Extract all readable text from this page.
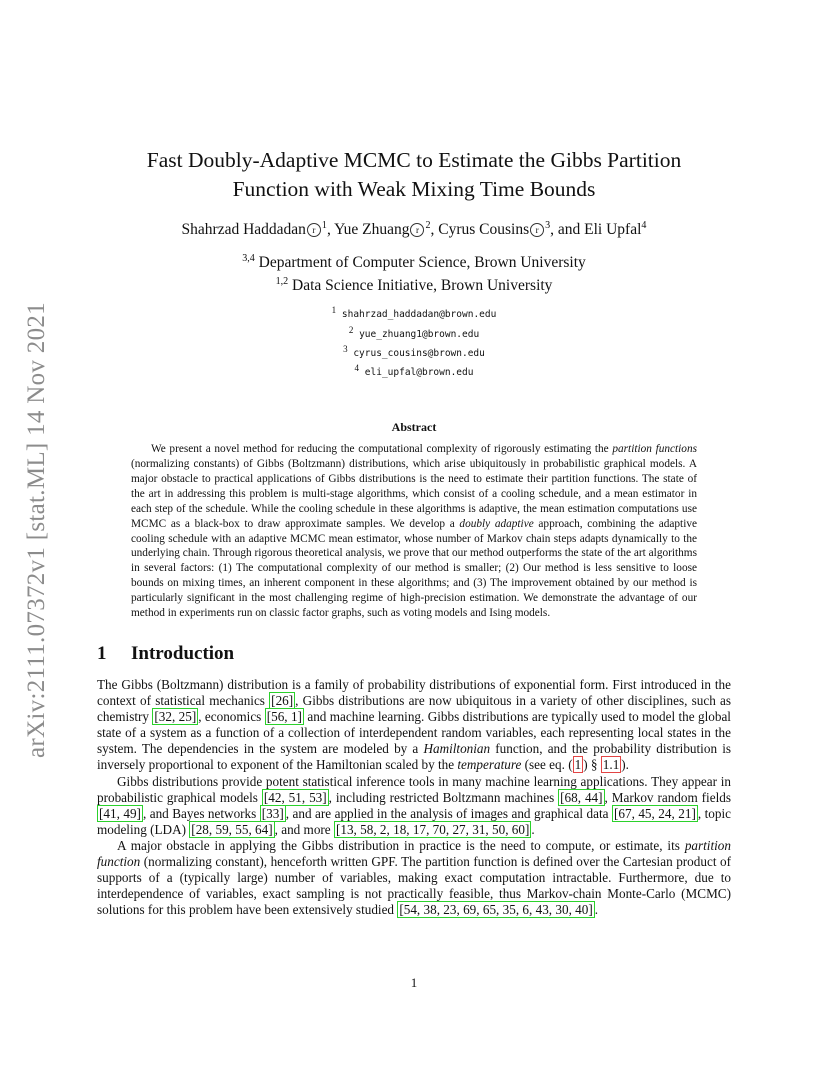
arXiv:2111.07372v1 [stat.ML] 14 Nov 2021
Fast Doubly-Adaptive MCMC to Estimate the Gibbs Partition
Function with Weak Mixing Time Bounds
Shahrzad Haddadan r $^1$, Yue Zhuang r $^2$, Cyrus Cousins r $^3$, and Eli Upfal$^4$
$^{3,4}$ Department of Computer Science, Brown University
$^{1,2}$ Data Science Initiative, Brown University
$^1$ shahrzad_haddadan@brown.edu
$^2$ yue_zhuang1@brown.edu
$^3$ cyrus_cousins@brown.edu
$^4$ eli_upfal@brown.edu
Abstract
We present a novel method for reducing the computational complexity of rigorously estimating the partition functions (normalizing constants) of Gibbs (Boltzmann) distributions, which arise ubiquitously in probabilistic graphical models. A major obstacle to practical applications of Gibbs distributions is the need to estimate their partition functions. The state of the art in addressing this problem is multi-stage algorithms, which consist of a cooling schedule, and a mean estimator in each step of the schedule. While the cooling schedule in these algorithms is adaptive, the mean estimation computations use MCMC as a black-box to draw approximate samples. We develop a doubly adaptive approach, combining the adaptive cooling schedule with an adaptive MCMC mean estimator, whose number of Markov chain steps adapts dynamically to the underlying chain. Through rigorous theoretical analysis, we prove that our method outperforms the state of the art algorithms in several factors: (1) The computational complexity of our method is smaller; (2) Our method is less sensitive to loose bounds on mixing times, an inherent component in these algorithms; and (3) The improvement obtained by our method is particularly significant in the most challenging regime of high-precision estimation. We demonstrate the advantage of our method in experiments run on classic factor graphs, such as voting models and Ising models.
1 Introduction

The Gibbs (Boltzmann) distribution is a family of probability distributions of exponential form. First introduced in the context of statistical mechanics [26] , Gibbs distributions are now ubiquitous in a variety of other disciplines, such as chemistry [32, 25] , economics [56, 1] and machine learning. Gibbs distributions are typically used to model the global state of a system as a function of a collection of interdependent random variables, each representing local states in the system. The dependencies in the system are modeled by a Hamiltonian function, and the probability distribution is inversely proportional to exponent of the Hamiltonian scaled by the temperature (see eq. ( 1 ) § 1.1 ).

Gibbs distributions provide potent statistical inference tools in many machine learning applications. They appear in probabilistic graphical models [42, 51, 53] , including restricted Boltzmann machines [68, 44] , Markov random fields [41, 49] , and Bayes networks [33] , and are applied in the analysis of images and graphical data [67, 45, 24, 21] , topic modeling (LDA) [28, 59, 55, 64] , and more [13, 58, 2, 18, 17, 70, 27, 31, 50, 60] .

A major obstacle in applying the Gibbs distribution in practice is the need to compute, or estimate, its partition function (normalizing constant), henceforth written GPF. The partition function is defined over the Cartesian product of supports of a (typically large) number of variables, making exact computation intractable. Furthermore, due to interdependence of variables, exact sampling is not practically feasible, thus Markov-chain Monte-Carlo (MCMC) solutions for this problem have been extensively studied [54, 38, 23, 69, 65, 35, 6, 43, 30, 40] .

1
